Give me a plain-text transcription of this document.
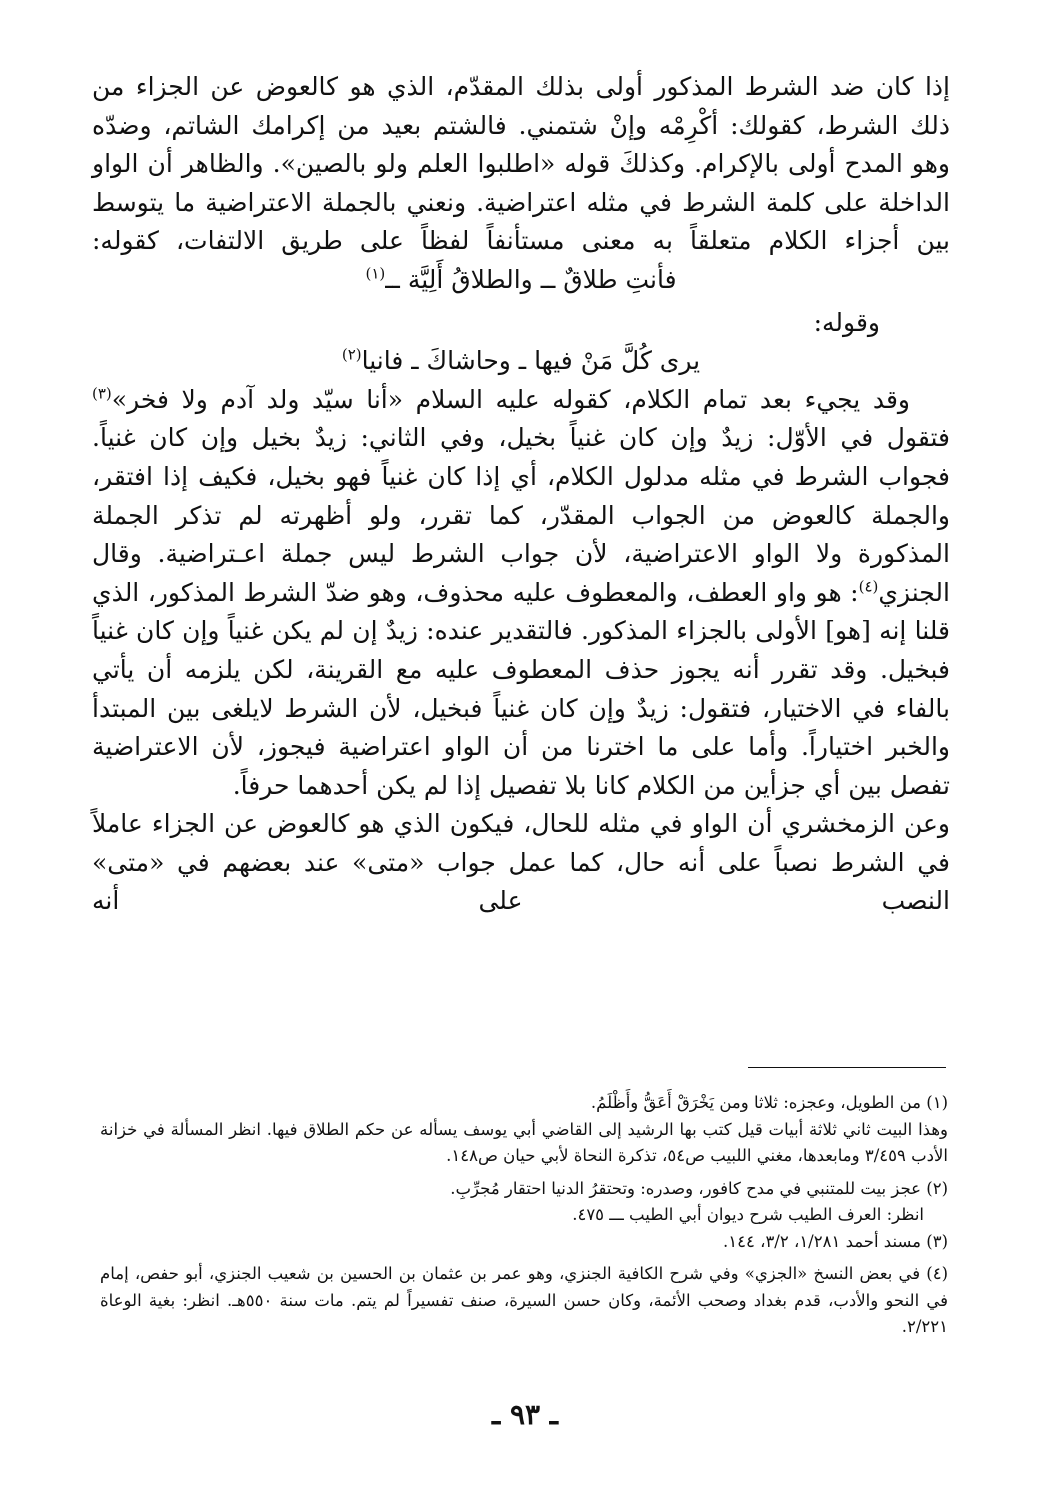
إذا كان ضد الشرط المذكور أولى بذلك المقدّم، الذي هو كالعوض عن الجزاء من ذلك الشرط، كقولك: أكْرِمْه وإنْ شتمني. فالشتم بعيد من إكرامك الشاتم، وضدّه وهو المدح أولى بالإكرام. وكذلكَ قوله «اطلبوا العلم ولو بالصين». والظاهر أن الواو الداخلة على كلمة الشرط في مثله اعتراضية. ونعني بالجملة الاعتراضية ما يتوسط بين أجزاء الكلام متعلقاً به معنى مستأنفاً لفظاً على طريق الالتفات، كقوله:

فأنتِ طلاقٌ ــ والطلاقُ أَلِيَّة ــ$^{(١)}$

وقوله:

يرى كُلَّ مَنْ فيها ـ وحاشاكَ ـ فانيا$^{(٢)}$

وقد يجيء بعد تمام الكلام، كقوله عليه السلام «أنا سيّد ولد آدم ولا فخر»$^{(٣)}$ فتقول في الأوّل: زيدٌ وإن كان غنياً بخيل، وفي الثاني: زيدٌ بخيل وإن كان غنياً. فجواب الشرط في مثله مدلول الكلام، أي إذا كان غنياً فهو بخيل، فكيف إذا افتقر، والجملة كالعوض من الجواب المقدّر، كما تقرر، ولو أظهرته لم تذكر الجملة المذكورة ولا الواو الاعتراضية، لأن جواب الشرط ليس جملة اعـتراضية. وقال الجنزي$^{(٤)}$: هو واو العطف، والمعطوف عليه محذوف، وهو ضدّ الشرط المذكور، الذي قلنا إنه [هو] الأولى بالجزاء المذكور. فالتقدير عنده: زيدٌ إن لم يكن غنياً وإن كان غنياً فبخيل. وقد تقرر أنه يجوز حذف المعطوف عليه مع القرينة، لكن يلزمه أن يأتي بالفاء في الاختيار، فتقول: زيدٌ وإن كان غنياً فبخيل، لأن الشرط لايلغى بين المبتدأ والخبر اختياراً. وأما على ما اخترنا من أن الواو اعتراضية فيجوز، لأن الاعتراضية تفصل بين أي جزأين من الكلام كانا بلا تفصيل إذا لم يكن أحدهما حرفاً.

وعن الزمخشري أن الواو في مثله للحال، فيكون الذي هو كالعوض عن الجزاء عاملاً في الشرط نصباً على أنه حال، كما عمل جواب «متى» عند بعضهم في «متى» النصب على أنه

(١) من الطويل، وعجزه: ثلاثا ومن يَخْرَقْ أَعَقُّ وأَظْلَمُ.

وهذا البيت ثاني ثلاثة أبيات قيل كتب بها الرشيد إلى القاضي أبي يوسف يسأله عن حكم الطلاق فيها. انظر المسألة في خزانة الأدب ٣/٤٥٩ ومابعدها، مغني اللبيب ص٥٤، تذكرة النحاة لأبي حيان ص١٤٨.

(٢) عجز بيت للمتنبي في مدح كافور، وصدره: وتحتقرُ الدنيا احتقار مُجرِّبِ.

انظر: العرف الطيب شرح ديوان أبي الطيب ـــ ٤٧٥.

(٣) مسند أحمد ١/٢٨١، ٣/٢، ١٤٤.

(٤) في بعض النسخ «الجزي» وفي شرح الكافية الجنزي، وهو عمر بن عثمان بن الحسين بن شعيب الجنزي، أبو حفص، إمام في النحو والأدب، قدم بغداد وصحب الأئمة، وكان حسن السيرة، صنف تفسيراً لم يتم. مات سنة ٥٥٠هـ. انظر: بغية الوعاة ٢/٢٢١.

ـ ٩٣ ـ
